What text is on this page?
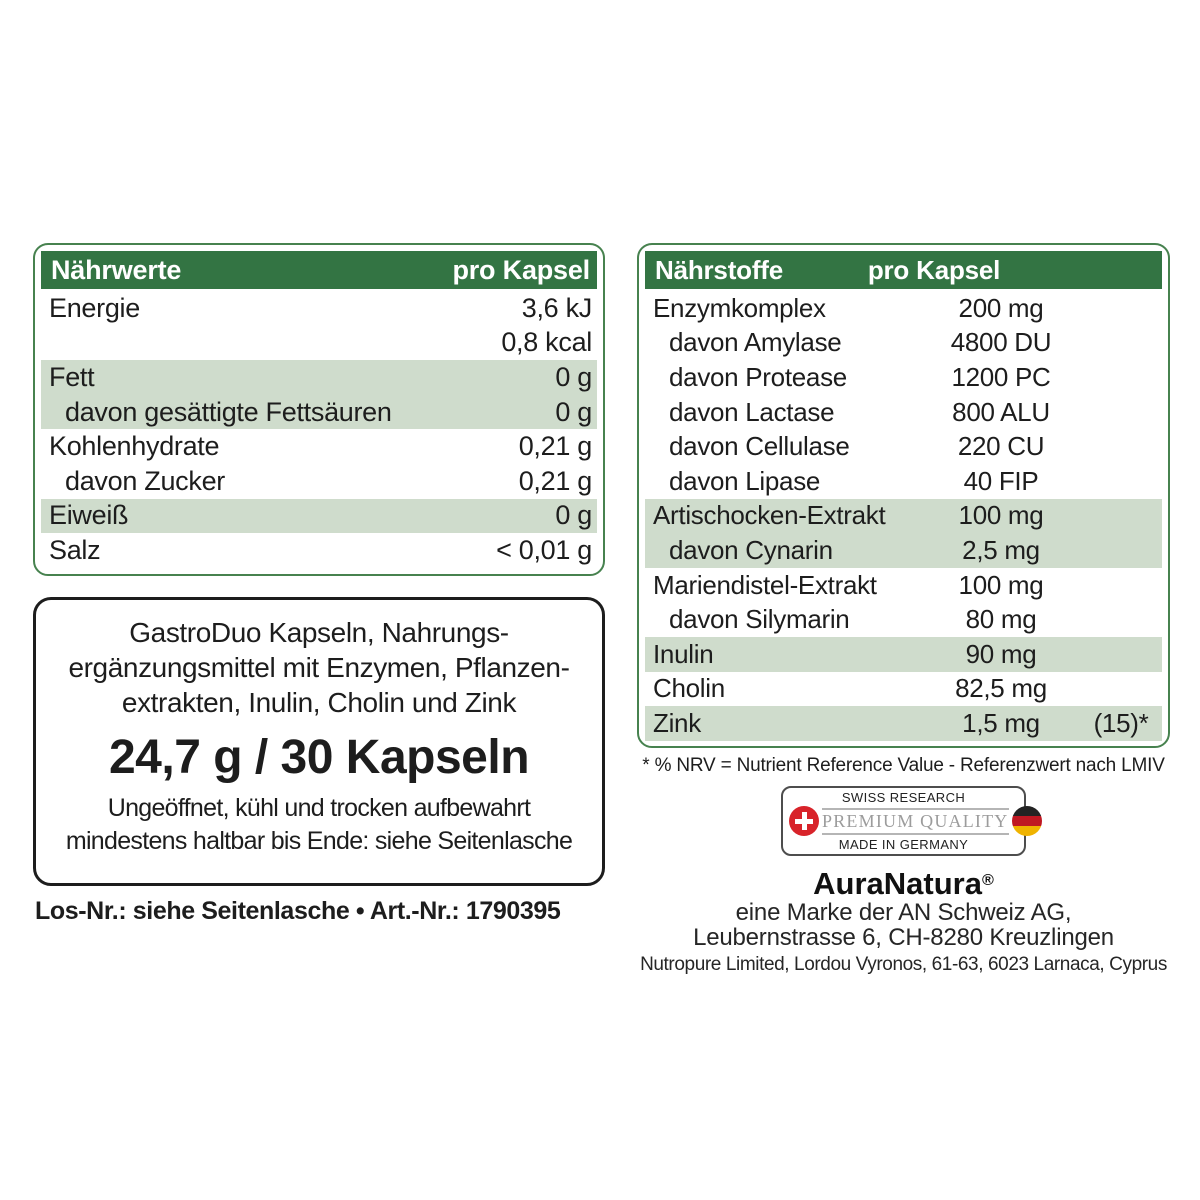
Nährwerte	pro Kapsel
Energie	3,6 kJ
0,8 kcal
Fett	0 g
davon gesättigte Fettsäuren	0 g
Kohlenhydrate	0,21 g
davon Zucker	0,21 g
Eiweiß	0 g
Salz	< 0,01 g
Nährstoffe	pro Kapsel
Enzymkomplex	200 mg
davon Amylase	4800 DU
davon Protease	1200 PC
davon Lactase	800 ALU
davon Cellulase	220 CU
davon Lipase	40 FIP
Artischocken-Extrakt	100 mg
davon Cynarin	2,5 mg
Mariendistel-Extrakt	100 mg
davon Silymarin	80 mg
Inulin	90 mg
Cholin	82,5 mg
Zink	1,5 mg	(15)*
GastroDuo Kapseln, Nahrungs-
ergänzungsmittel mit Enzymen, Pflanzen-
extrakten, Inulin, Cholin und Zink
24,7 g / 30 Kapseln
Ungeöffnet, kühl und trocken aufbewahrt
mindestens haltbar bis Ende: siehe Seitenlasche
Los-Nr.: siehe Seitenlasche • Art.-Nr.: 1790395
* % NRV = Nutrient Reference Value - Referenzwert nach LMIV
SWISS RESEARCH
PREMIUM QUALITY
MADE IN GERMANY
AuraNatura®
eine Marke der AN Schweiz AG,
Leubernstrasse 6, CH-8280 Kreuzlingen
Nutropure Limited, Lordou Vyronos, 61-63, 6023 Larnaca, Cyprus
